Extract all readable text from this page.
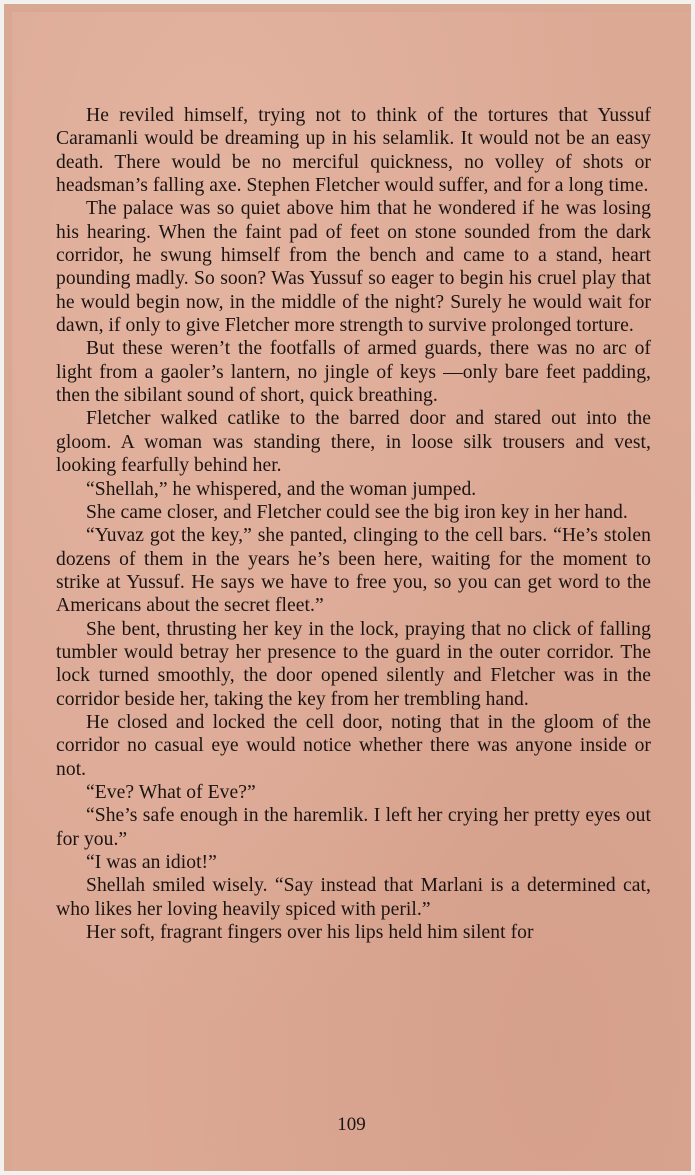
He reviled himself, trying not to think of the tortures that Yussuf Caramanli would be dreaming up in his selamlik. It would not be an easy death. There would be no merciful quickness, no volley of shots or headsman’s falling axe. Stephen Fletcher would suffer, and for a long time.

The palace was so quiet above him that he wondered if he was losing his hearing. When the faint pad of feet on stone sounded from the dark corridor, he swung himself from the bench and came to a stand, heart pounding madly. So soon? Was Yussuf so eager to begin his cruel play that he would begin now, in the middle of the night? Surely he would wait for dawn, if only to give Fletcher more strength to survive prolonged torture.

But these weren’t the footfalls of armed guards, there was no arc of light from a gaoler’s lantern, no jingle of keys —only bare feet padding, then the sibilant sound of short, quick breathing.

Fletcher walked catlike to the barred door and stared out into the gloom. A woman was standing there, in loose silk trousers and vest, looking fearfully behind her.

“Shellah,” he whispered, and the woman jumped.

She came closer, and Fletcher could see the big iron key in her hand.

“Yuvaz got the key,” she panted, clinging to the cell bars. “He’s stolen dozens of them in the years he’s been here, waiting for the moment to strike at Yussuf. He says we have to free you, so you can get word to the Americans about the secret fleet.”

She bent, thrusting her key in the lock, praying that no click of falling tumbler would betray her presence to the guard in the outer corridor. The lock turned smoothly, the door opened silently and Fletcher was in the corridor beside her, taking the key from her trembling hand.

He closed and locked the cell door, noting that in the gloom of the corridor no casual eye would notice whether there was anyone inside or not.

“Eve? What of Eve?”

“She’s safe enough in the haremlik. I left her crying her pretty eyes out for you.”

“I was an idiot!”

Shellah smiled wisely. “Say instead that Marlani is a determined cat, who likes her loving heavily spiced with peril.”

Her soft, fragrant fingers over his lips held him silent for

109
